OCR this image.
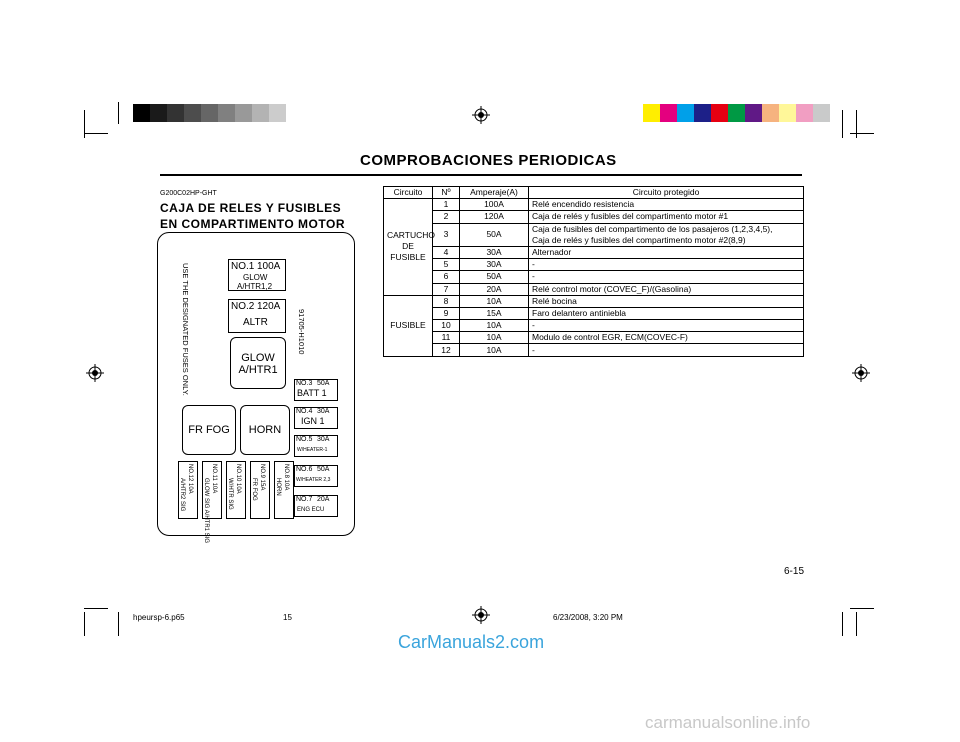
COMPROBACIONES PERIODICAS
G200C02HP-GHT
CAJA DE RELES Y FUSIBLES EN COMPARTIMENTO MOTOR
USE THE DESIGNATED FUSES ONLY.	91705-H1010
NO.1 100A
GLOW
A/HTR1,2
NO.2 120A
ALTR
GLOW
A/HTR1
FR FOG	HORN
NO.3 50A
BATT 1
NO.4 30A
IGN 1
NO.5 30A
W/HEATER-1
NO.6 50A
W/HEATER 2,3
NO.7 20A
ENG ECU
NO.12 10A
A/HTR2 SIG	NO.11 10A
GLOW SIG A/HTR1 SIG	NO.10 10A
W/HTR SIG
NO.9 15A
FR FOG	NO.8 10A
HORN
Circuito	Nº	Amperaje(A)	Circuito protegido
CARTUCHO DE FUSIBLE	1	100A	Relé encendido resistencia
	2	120A	Caja de relés y fusibles del compartimento motor #1
	3	50A	Caja de fusibles del compartimento de los pasajeros (1,2,3,4,5),
			Caja de relés y fusibles del compartimento motor #2(8,9)
	4	30A	Alternador
	5	30A	-
	6	50A	-
	7	20A	Relé control motor (COVEC_F)/(Gasolina)
FUSIBLE	8	10A	Relé bocina
	9	15A	Faro delantero antiniebla
	10	10A	-
	11	10A	Modulo de control EGR, ECM(COVEC-F)
	12	10A	-
6-15
hpeursp-6.p65	15	6/23/2008, 3:20 PM
CarManuals2.com
carmanualsonline.info
